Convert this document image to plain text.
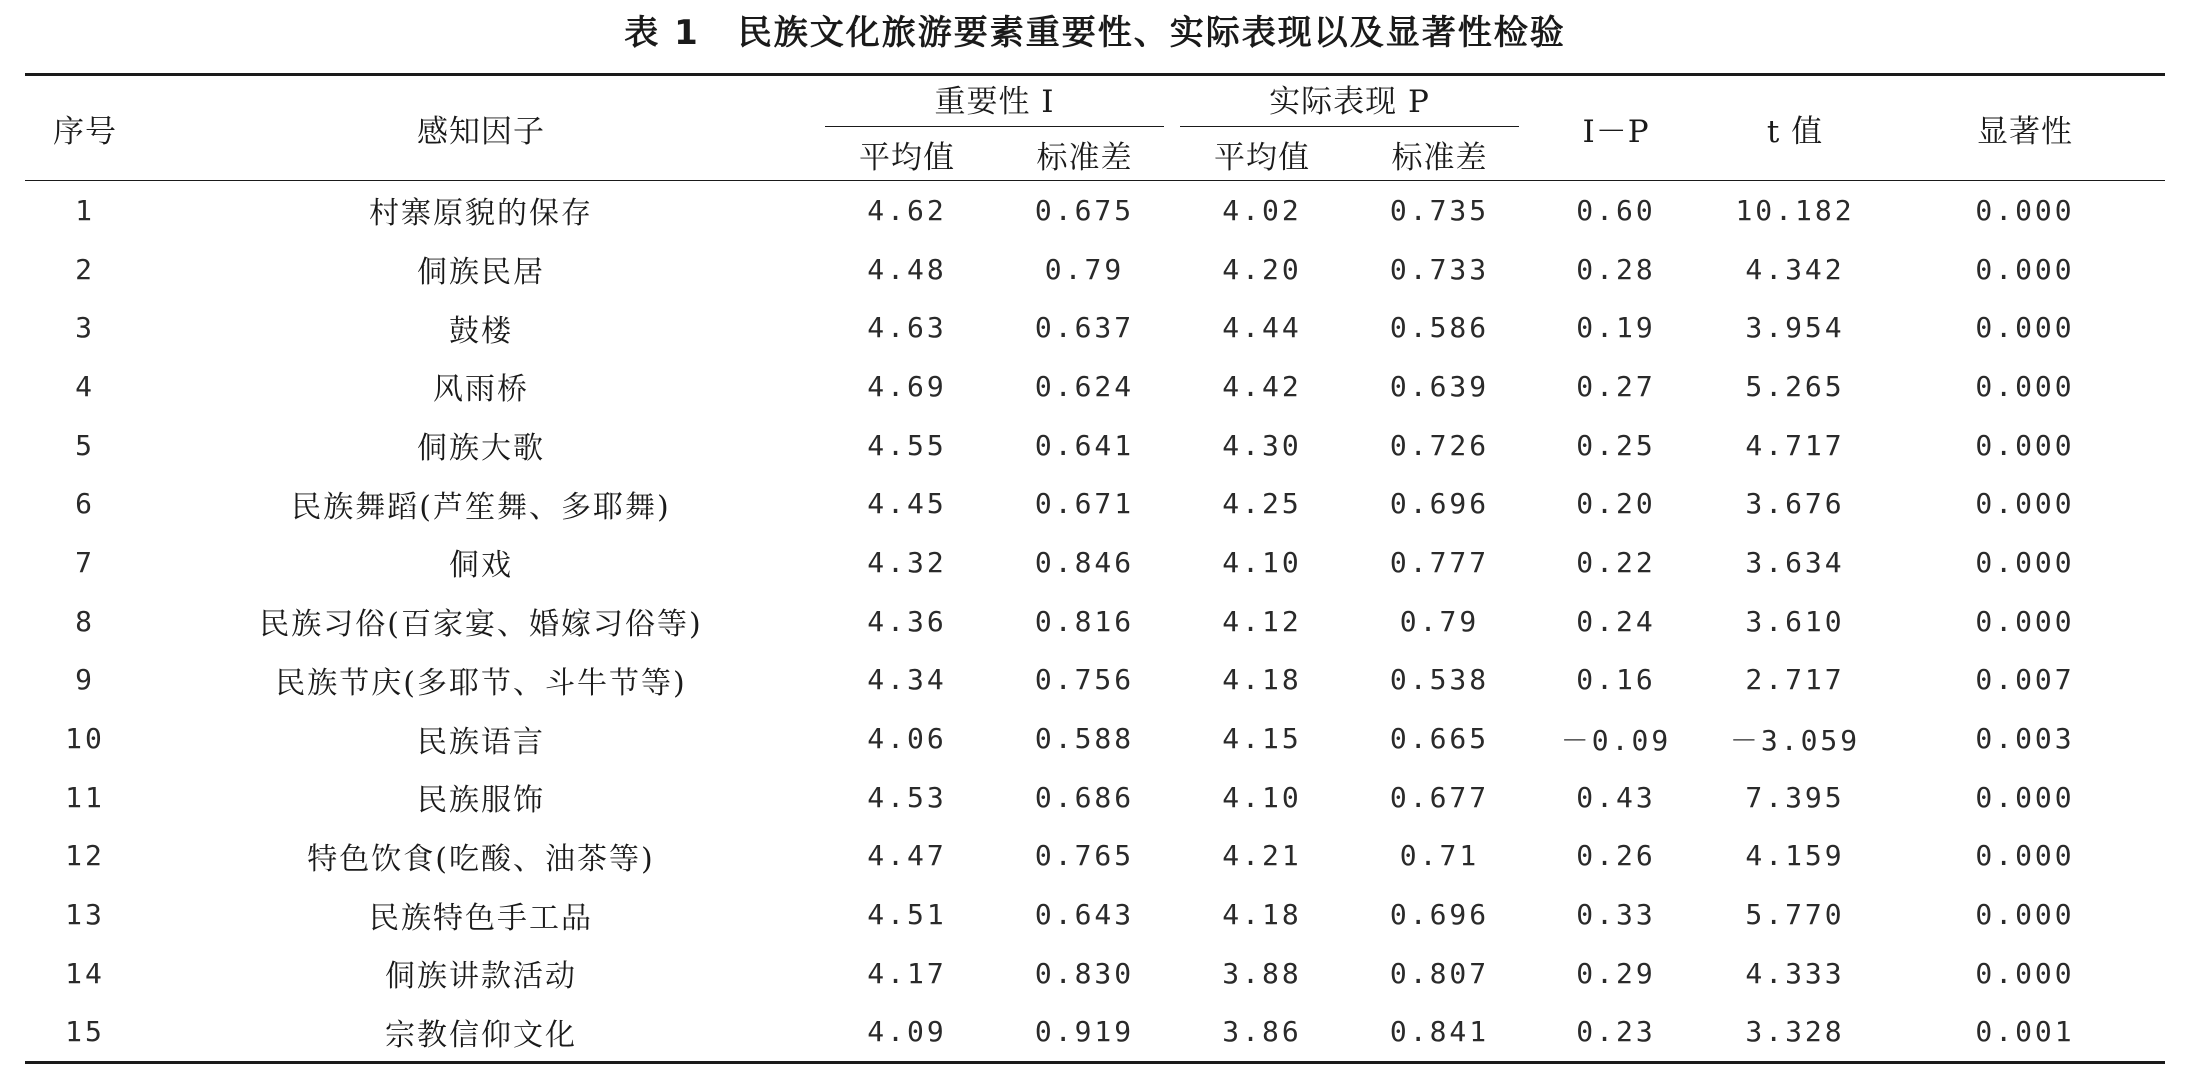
表 1 民族文化旅游要素重要性、实际表现以及显著性检验
序号	感知因子	重要性 I		实际表现 P		I－P	t 值	显著性
		平均值	标准差	平均值	标准差			
1	村寨原貌的保存	4.62	0.675	4.02	0.735	0.60	10.182	0.000
2	侗族民居	4.48	0.79	4.20	0.733	0.28	4.342	0.000
3	鼓楼	4.63	0.637	4.44	0.586	0.19	3.954	0.000
4	风雨桥	4.69	0.624	4.42	0.639	0.27	5.265	0.000
5	侗族大歌	4.55	0.641	4.30	0.726	0.25	4.717	0.000
6	民族舞蹈(芦笙舞、多耶舞)	4.45	0.671	4.25	0.696	0.20	3.676	0.000
7	侗戏	4.32	0.846	4.10	0.777	0.22	3.634	0.000
8	民族习俗(百家宴、婚嫁习俗等)	4.36	0.816	4.12	0.79	0.24	3.610	0.000
9	民族节庆(多耶节、斗牛节等)	4.34	0.756	4.18	0.538	0.16	2.717	0.007
10	民族语言	4.06	0.588	4.15	0.665	－0.09	－3.059	0.003
11	民族服饰	4.53	0.686	4.10	0.677	0.43	7.395	0.000
12	特色饮食(吃酸、油茶等)	4.47	0.765	4.21	0.71	0.26	4.159	0.000
13	民族特色手工品	4.51	0.643	4.18	0.696	0.33	5.770	0.000
14	侗族讲款活动	4.17	0.830	3.88	0.807	0.29	4.333	0.000
15	宗教信仰文化	4.09	0.919	3.86	0.841	0.23	3.328	0.001
